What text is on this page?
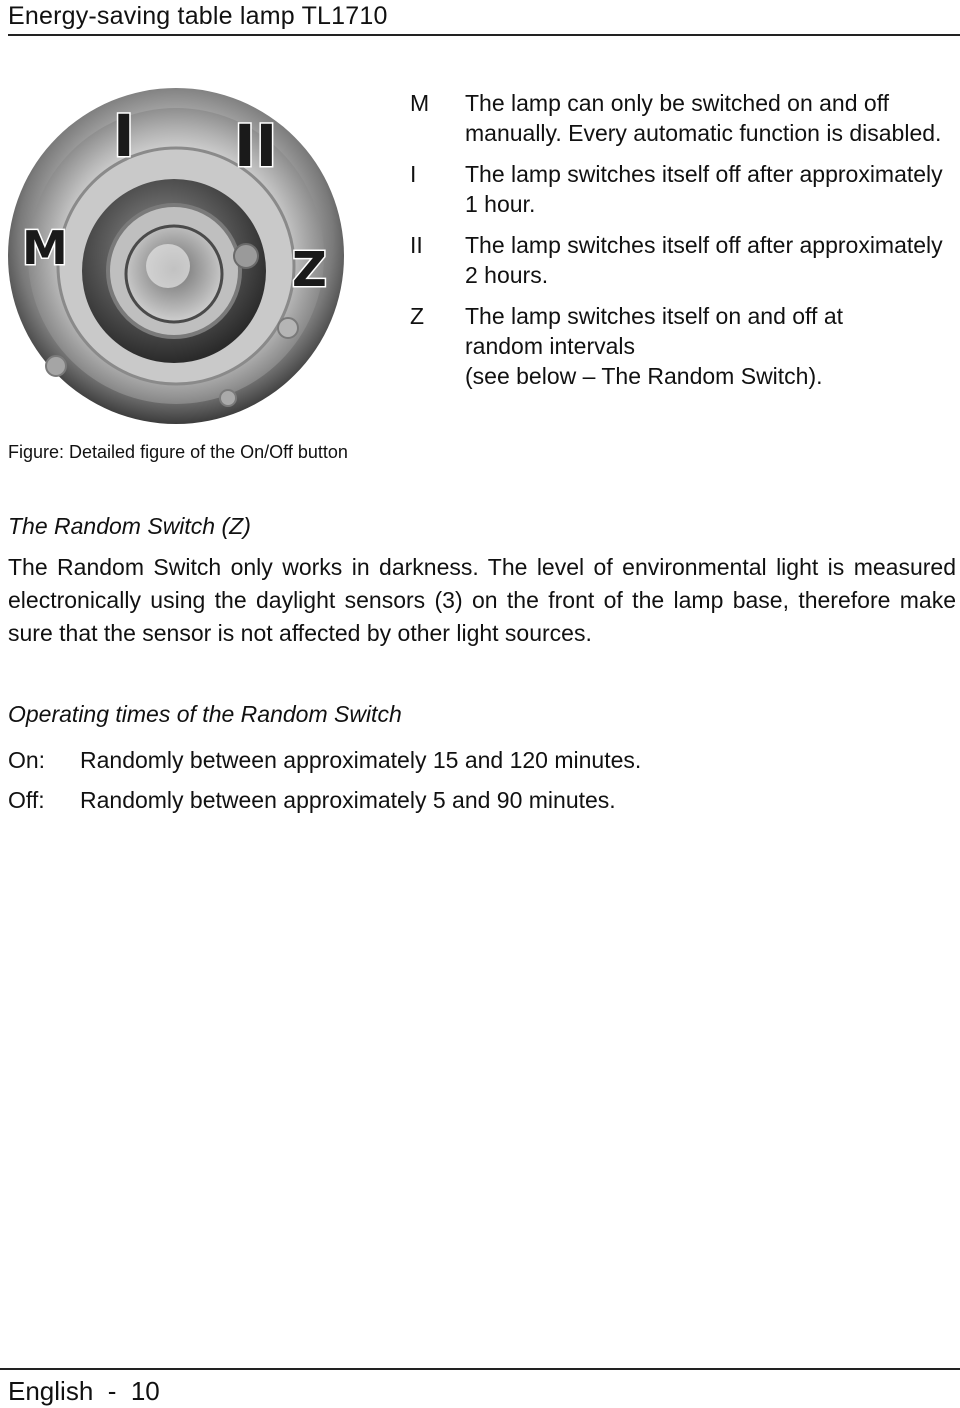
Energy-saving table lamp TL1710
I II
M	Z
Figure: Detailed figure of the On/Off button
M The lamp can only be switched on and off manually. Every automatic function is disabled.
I The lamp switches itself off after approximately 1 hour.
II The lamp switches itself off after approximately 2 hours.
Z The lamp switches itself on and off at
random intervals
(see below – The Random Switch).
The Random Switch (Z)
The Random Switch only works in darkness. The level of environmental light is measured electronically using the daylight sensors (3) on the front of the lamp base, therefore make sure that the sensor is not affected by other light sources.
Operating times of the Random Switch
On: Randomly between approximately 15 and 120 minutes.
Off: Randomly between approximately 5 and 90 minutes.
English  -  10
